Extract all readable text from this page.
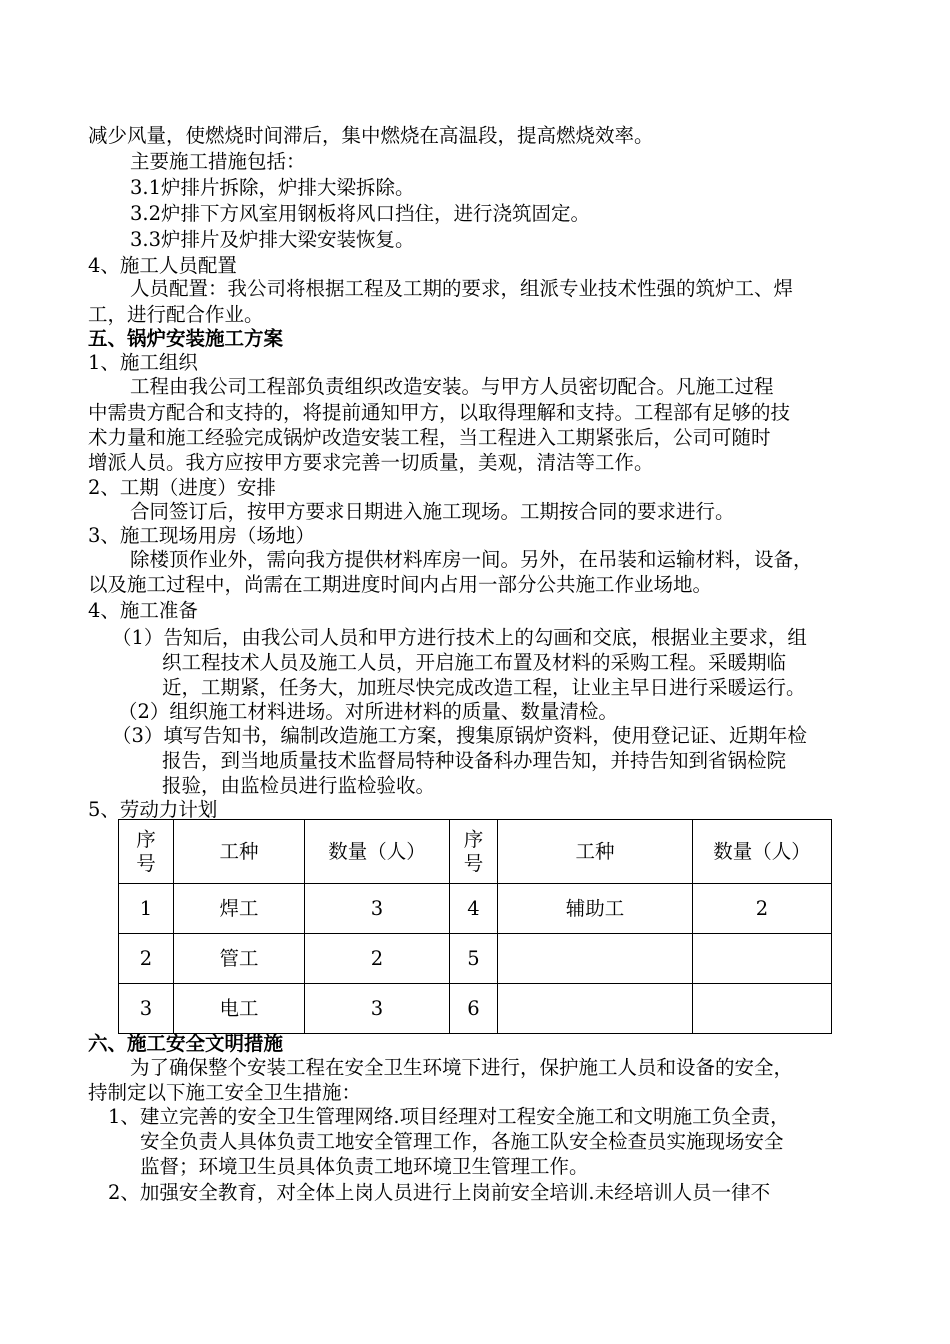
减少风量，使燃烧时间滞后，集中燃烧在高温段，提高燃烧效率。
主要施工措施包括：
3.1炉排片拆除，炉排大梁拆除。
3.2炉排下方风室用钢板将风口挡住，进行浇筑固定。
3.3炉排片及炉排大梁安装恢复。
4、施工人员配置
人员配置：我公司将根据工程及工期的要求，组派专业技术性强的筑炉工、焊
工，进行配合作业。
五、锅炉安装施工方案
1、施工组织
工程由我公司工程部负责组织改造安装。与甲方人员密切配合。凡施工过程
中需贵方配合和支持的，将提前通知甲方，以取得理解和支持。工程部有足够的技
术力量和施工经验完成锅炉改造安装工程，当工程进入工期紧张后，公司可随时
增派人员。我方应按甲方要求完善一切质量，美观，清洁等工作。
2、工期（进度）安排
合同签订后，按甲方要求日期进入施工现场。工期按合同的要求进行。
3、施工现场用房（场地）
除楼顶作业外，需向我方提供材料库房一间。另外，在吊装和运输材料，设备，
以及施工过程中，尚需在工期进度时间内占用一部分公共施工作业场地。
4、施工准备
（1）告知后，由我公司人员和甲方进行技术上的勾画和交底，根据业主要求，组
织工程技术人员及施工人员，开启施工布置及材料的采购工程。采暖期临
近，工期紧，任务大，加班尽快完成改造工程，让业主早日进行采暖运行。
（2）组织施工材料进场。对所进材料的质量、数量清检。
（3）填写告知书，编制改造施工方案，搜集原锅炉资料，使用登记证、近期年检
报告，到当地质量技术监督局特种设备科办理告知，并持告知到省锅检院
报验，由监检员进行监检验收。
5、劳动力计划
序号	工种	数量（人）	序号	工种	数量（人）
1	焊工	3	4	辅助工	2
2	管工	2	5		
3	电工	3	6		
六、施工安全文明措施
为了确保整个安装工程在安全卫生环境下进行，保护施工人员和设备的安全，
持制定以下施工安全卫生措施：
1、建立完善的安全卫生管理网络.项目经理对工程安全施工和文明施工负全责，
安全负责人具体负责工地安全管理工作，各施工队安全检查员实施现场安全
监督；环境卫生员具体负责工地环境卫生管理工作。
2、加强安全教育，对全体上岗人员进行上岗前安全培训.未经培训人员一律不
